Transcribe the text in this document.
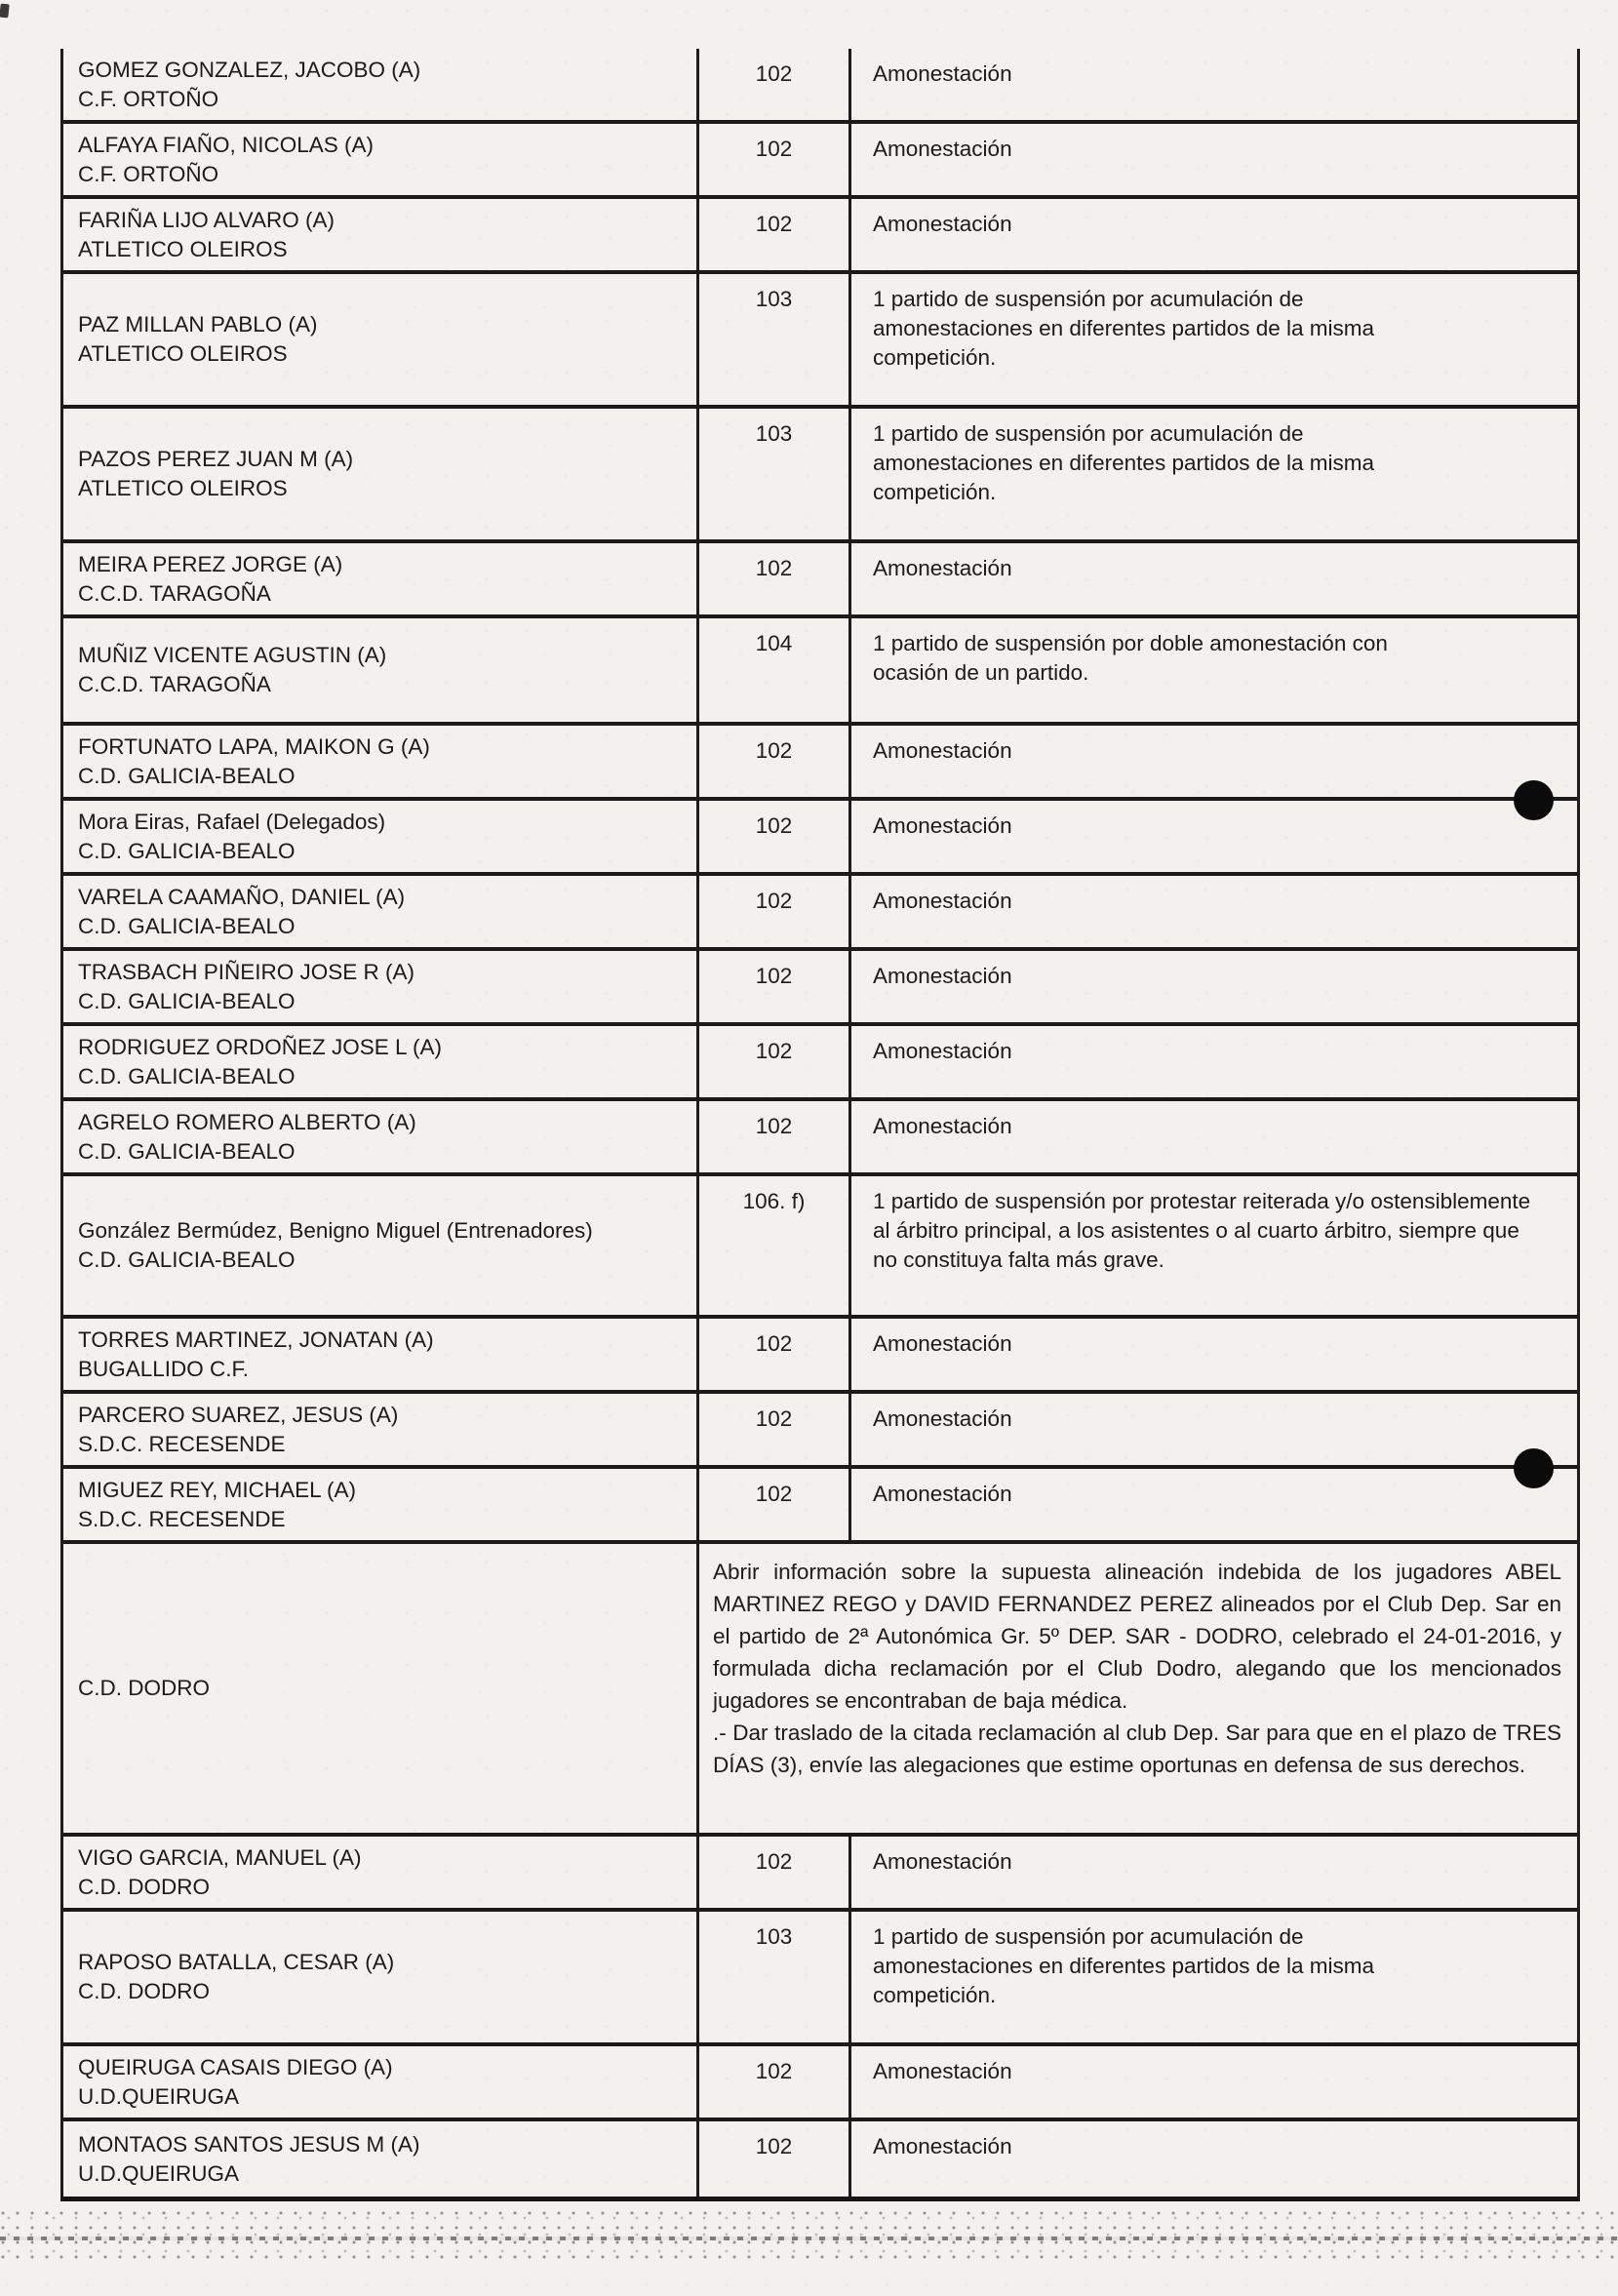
GOMEZ GONZALEZ, JACOBO (A)
C.F. ORTOÑO
102	Amonestación
ALFAYA FIAÑO, NICOLAS (A)
C.F. ORTOÑO
102	Amonestación
FARIÑA LIJO ALVARO (A)
ATLETICO OLEIROS
102	Amonestación
PAZ MILLAN PABLO (A)
ATLETICO OLEIROS
103	1 partido de suspensión por acumulación de amonestaciones en diferentes partidos de la misma competición.
PAZOS PEREZ JUAN M (A)
ATLETICO OLEIROS
103	1 partido de suspensión por acumulación de amonestaciones en diferentes partidos de la misma competición.
MEIRA PEREZ JORGE (A)
C.C.D. TARAGOÑA
102	Amonestación
MUÑIZ VICENTE AGUSTIN (A)
C.C.D. TARAGOÑA
104	1 partido de suspensión por doble amonestación con ocasión de un partido.
FORTUNATO LAPA, MAIKON G (A)
C.D. GALICIA-BEALO
102	Amonestación
Mora Eiras, Rafael (Delegados)
C.D. GALICIA-BEALO
102	Amonestación
VARELA CAAMAÑO, DANIEL (A)
C.D. GALICIA-BEALO
102	Amonestación
TRASBACH PIÑEIRO JOSE R (A)
C.D. GALICIA-BEALO
102	Amonestación
RODRIGUEZ ORDOÑEZ JOSE L (A)
C.D. GALICIA-BEALO
102	Amonestación
AGRELO ROMERO ALBERTO (A)
C.D. GALICIA-BEALO
102	Amonestación
González Bermúdez, Benigno Miguel (Entrenadores)
C.D. GALICIA-BEALO
106. f)	1 partido de suspensión por protestar reiterada y/o ostensiblemente al árbitro principal, a los asistentes o al cuarto árbitro, siempre que no constituya falta más grave.
TORRES MARTINEZ, JONATAN (A)
BUGALLIDO C.F.
102	Amonestación
PARCERO SUAREZ, JESUS (A)
S.D.C. RECESENDE
102	Amonestación
MIGUEZ REY, MICHAEL (A)
S.D.C. RECESENDE
102	Amonestación
C.D. DODRO

Abrir información sobre la supuesta alineación indebida de los jugadores ABEL MARTINEZ REGO y DAVID FERNANDEZ PEREZ alineados por el Club Dep. Sar en el partido de 2ª Autonómica Gr. 5º DEP. SAR - DODRO, celebrado el 24-01-2016, y formulada dicha reclamación por el Club Dodro, alegando que los mencionados jugadores se encontraban de baja médica.

.- Dar traslado de la citada reclamación al club Dep. Sar para que en el plazo de TRES DÍAS (3), envíe las alegaciones que estime oportunas en defensa de sus derechos.

VIGO GARCIA, MANUEL (A)
C.D. DODRO
102	Amonestación
RAPOSO BATALLA, CESAR (A)
C.D. DODRO
103	1 partido de suspensión por acumulación de amonestaciones en diferentes partidos de la misma competición.
QUEIRUGA CASAIS DIEGO (A)
U.D.QUEIRUGA
102	Amonestación
MONTAOS SANTOS JESUS M (A)
U.D.QUEIRUGA
102	Amonestación
